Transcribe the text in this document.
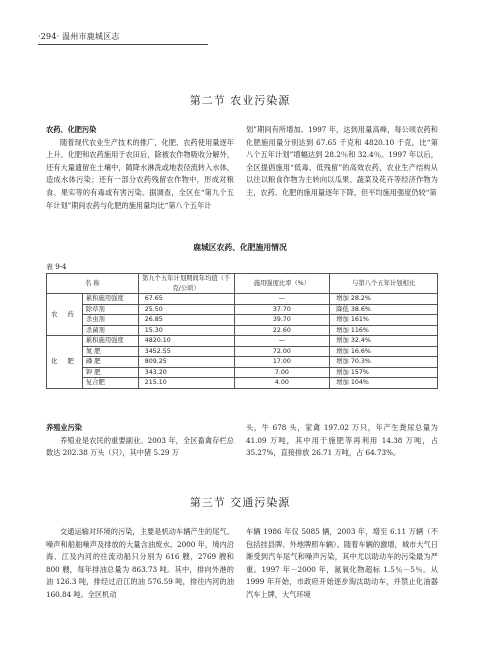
·294· 温州市鹿城区志
第二节 农业污染源

农药、化肥污染

随着现代农业生产技术的推广，化肥、农药使用量逐年上升。化肥和农药施用于农田后，除被农作物吸收分解外，还有大量遗留在土壤中，随降水淋洗或地表径流转入水体，造成水体污染；还有一部分农药残留农作物中，形成对粮食、果实等的有毒或有害污染。据调查，全区在“第九个五年计划”期间农药与化肥的施用量均比“第八个五年计

划”期间有所增加。1997 年，达到用量高峰，每公顷农药和化肥施用量分别达到 67.65 千克和 4820.10 千克，比“第八个五年计划”增幅达到 28.2％和 32.4％。1997 年以后，全区提倡施用“低毒、低残留”的高效农药，农业生产结构从以往以粮食作物为主转向以瓜果、蔬菜及花卉等经济作物为主，农药、化肥的施用量逐年下降，但平均施用强度仍较“第

鹿城区农药、化肥施用情况
表 9-4
名 称		第九个五年计划期间年均值（千克/公顷）	施用强度比率（%）	与第八个五年计划相比
农 药	累积施用强度	67.65	—	增加 28.2%
	除草剂	25.50	37.70	降低 38.6%
	杀虫剂	26.85	39.70	增加 161%
	杀菌剂	15.30	22.60	增加 116%
化 肥	累积施用强度	4820.10	—	增加 32.4%
	氮 肥	3452.55	72.00	增加 16.6%
	磷 肥	809.25	17.00	增加 70.3%
	钾 肥	343.20	7.00	增加 157%
	复合肥	215.10	4.00	增加 104%

养殖业污染

养殖业是农民的重要副业。2003 年，全区畜禽存栏总数达 202.38 万头（只），其中猪 5.29 万

头，牛 678 头，家禽 197.02 万只，年产生粪尿总量为 41.09 万吨，其中用于施肥等再利用 14.38 万吨，占 35.27%，直接排放 26.71 万吨，占 64.73%。

第三节 交通污染源

交通运输对环境的污染，主要是机动车辆产生的尾气、噪声和船舶噪声及排放的大量含油废水。2000 年，境内沿海、江及内河的往流动船只分别为 616 艘，2769 艘和 800 艘，每年排油总量为 863.73 吨。其中，排向外港的油 126.3 吨，排经过沿江的油 576.59 吨，排往内河的油 160.84 吨。全区机动

车辆 1986 年仅 5085 辆，2003 年，增至 6.11 万辆（不包括挂县牌、外地牌照车辆）。随着车辆的激增，城市大气日渐受到汽车尾气和噪声污染，其中尤以助动车的污染最为严重。1997 年－2000 年，氮氧化物超标 1.5％－5％。从 1999 年开始，市政府开始逐步淘汰助动车，并禁止化油器汽车上牌，大气环境
